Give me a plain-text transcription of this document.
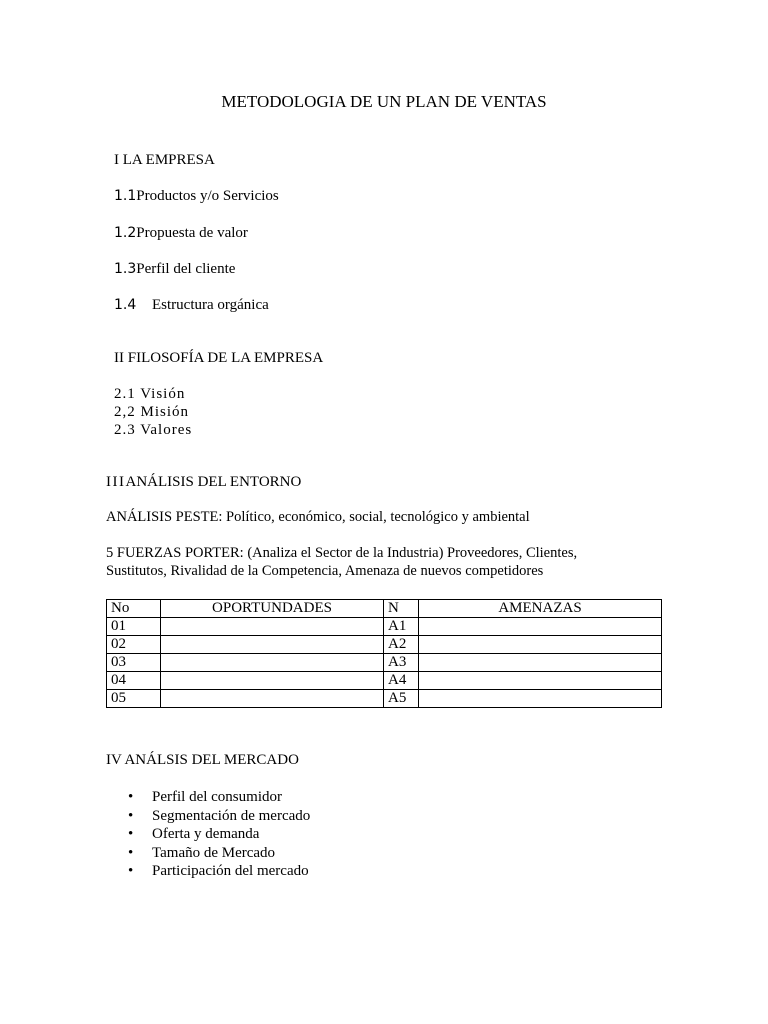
METODOLOGIA DE UN PLAN DE VENTAS
I LA EMPRESA
1.1Productos y/o Servicios
1.2Propuesta de valor
1.3Perfil del cliente
1.4 Estructura orgánica
II FILOSOFÍA DE LA EMPRESA
2.1 Visión
2,2 Misión
2.3 Valores
IIIANÁLISIS DEL ENTORNO
ANÁLISIS PESTE: Político, económico, social, tecnológico y ambiental
5 FUERZAS PORTER: (Analiza el Sector de la Industria) Proveedores, Clientes,
Sustitutos, Rivalidad de la Competencia, Amenaza de nuevos competidores
No	OPORTUNDADES	N	AMENAZAS
01		A1	
02		A2	
03		A3	
04		A4	
05		A5	
IV ANÁLSIS DEL MERCADO
• Perfil del consumidor
• Segmentación de mercado
• Oferta y demanda
• Tamaño de Mercado
• Participación del mercado
